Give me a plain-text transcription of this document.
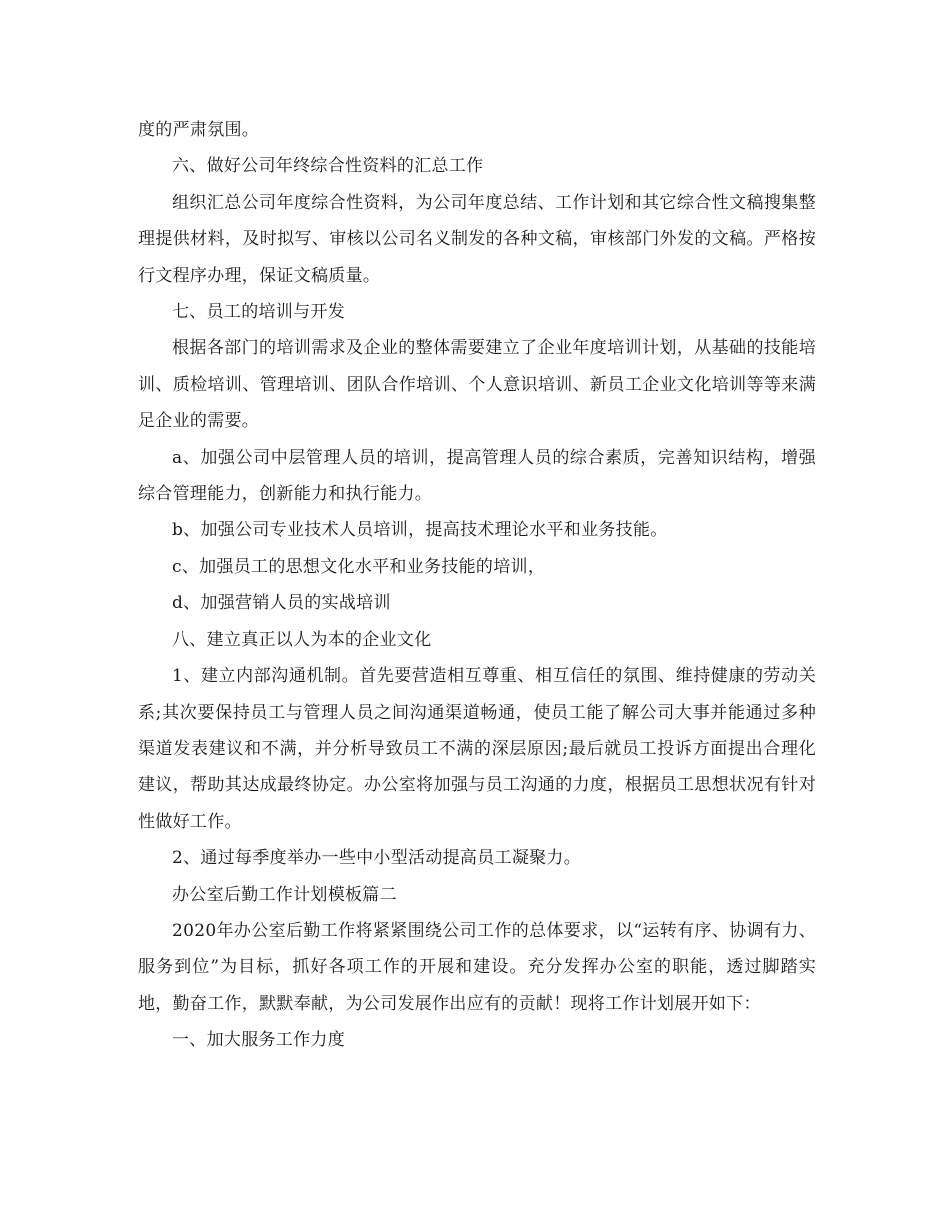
度的严肃氛围。

六、做好公司年终综合性资料的汇总工作

组织汇总公司年度综合性资料，为公司年度总结、工作计划和其它综合性文稿搜集整理提供材料，及时拟写、审核以公司名义制发的各种文稿，审核部门外发的文稿。严格按行文程序办理，保证文稿质量。

七、员工的培训与开发

根据各部门的培训需求及企业的整体需要建立了企业年度培训计划，从基础的技能培训、质检培训、管理培训、团队合作培训、个人意识培训、新员工企业文化培训等等来满足企业的需要。

a、加强公司中层管理人员的培训，提高管理人员的综合素质，完善知识结构，增强综合管理能力，创新能力和执行能力。

b、加强公司专业技术人员培训，提高技术理论水平和业务技能。

c、加强员工的思想文化水平和业务技能的培训，

d、加强营销人员的实战培训

八、建立真正以人为本的企业文化

1、建立内部沟通机制。首先要营造相互尊重、相互信任的氛围、维持健康的劳动关系;其次要保持员工与管理人员之间沟通渠道畅通，使员工能了解公司大事并能通过多种渠道发表建议和不满，并分析导致员工不满的深层原因;最后就员工投诉方面提出合理化建议，帮助其达成最终协定。办公室将加强与员工沟通的力度，根据员工思想状况有针对性做好工作。

2、通过每季度举办一些中小型活动提高员工凝聚力。

办公室后勤工作计划模板篇二

2020年办公室后勤工作将紧紧围绕公司工作的总体要求，以“运转有序、协调有力、服务到位”为目标，抓好各项工作的开展和建设。充分发挥办公室的职能，透过脚踏实地，勤奋工作，默默奉献，为公司发展作出应有的贡献！现将工作计划展开如下：

一、加大服务工作力度
